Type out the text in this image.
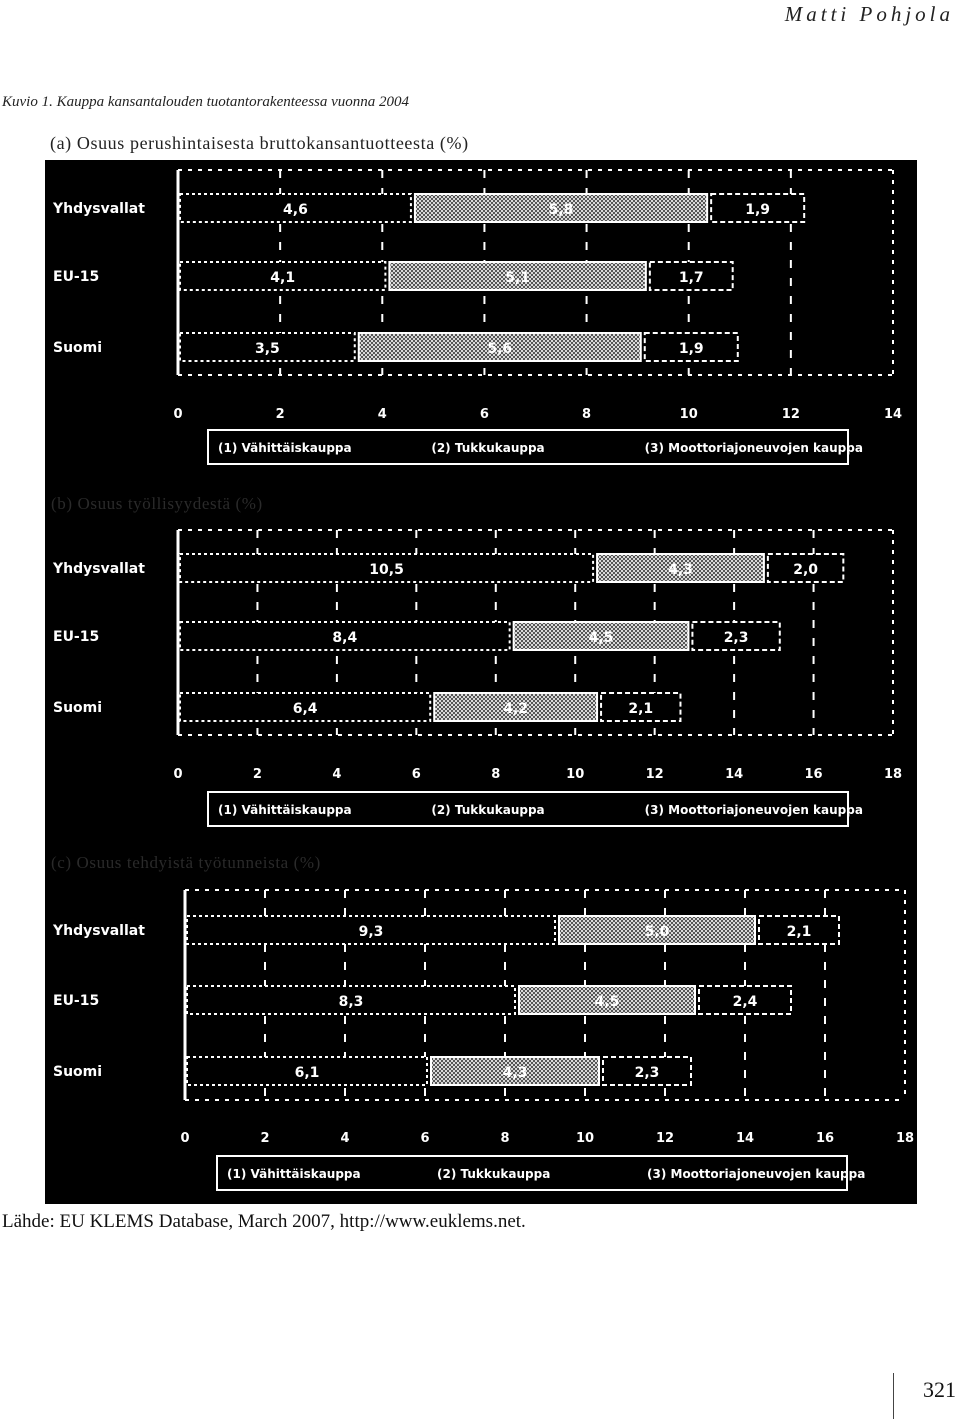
Matti Pohjola
Kuvio 1. Kauppa kansantalouden tuotantorakenteessa vuonna 2004
(a) Osuus perushintaisesta bruttokansantuotteesta (%)
0	2	4	6	8	10	12	14
Yhdysvallat	4,6	5,8	1,9
EU-15	4,1	5,1	1,7
Suomi	3,5	5,6	1,9
(1) Vähittäiskauppa	(2) Tukkukauppa	(3) Moottoriajoneuvojen kauppa
0	2	4	6	8	10	12	14	16	18
Yhdysvallat	10,5	4,3	2,0
EU-15	8,4	4,5	2,3
Suomi	6,4	4,2	2,1
(1) Vähittäiskauppa	(2) Tukkukauppa	(3) Moottoriajoneuvojen kauppa
0	2	4	6	8	10	12	14	16	18
Yhdysvallat	9,3	5,0	2,1
EU-15	8,3	4,5	2,4
Suomi	6,1	4,3	2,3
(1) Vähittäiskauppa	(2) Tukkukauppa	(3) Moottoriajoneuvojen kauppa
(b) Osuus työllisyydestä (%)
(c) Osuus tehdyistä työtunneista (%)
Lähde: EU KLEMS Database, March 2007, http://www.euklems.net.
321
